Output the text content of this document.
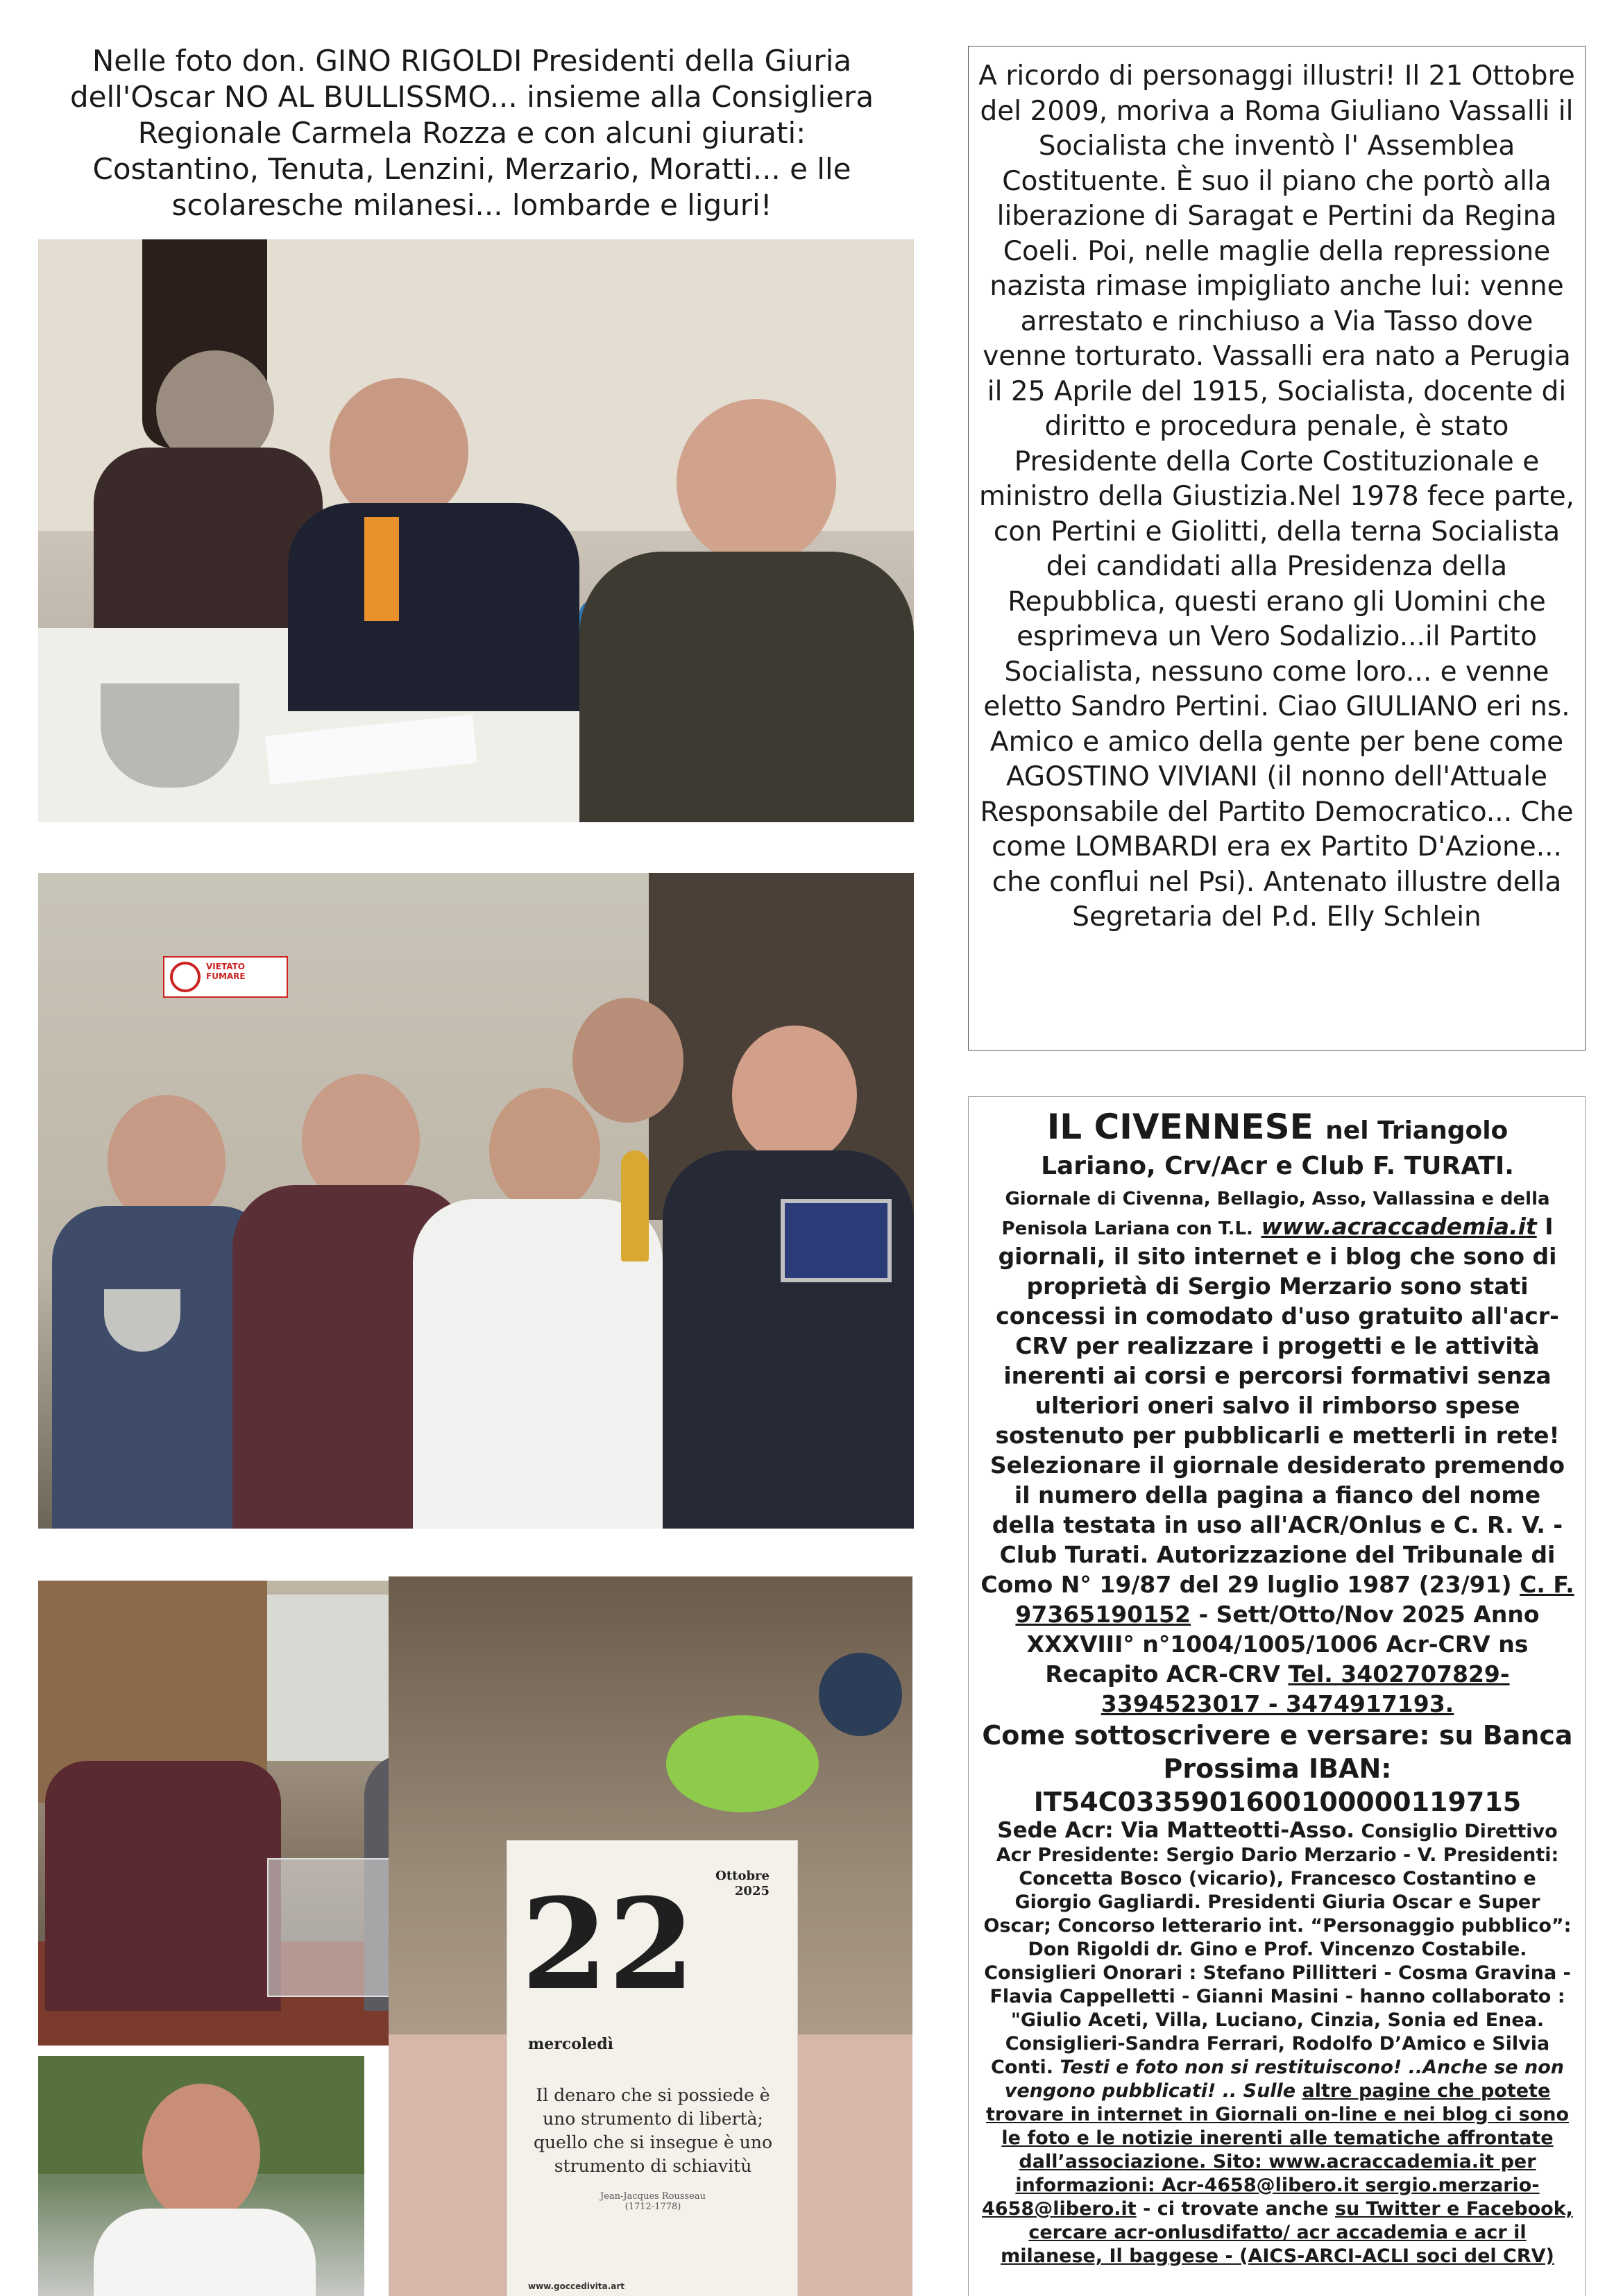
Nelle foto don. GINO RIGOLDI Presidenti della Giuria dell'Oscar NO AL BULLISSMO... insieme alla Consigliera Regionale Carmela Rozza e con alcuni giurati: Costantino, Tenuta, Lenzini, Merzario, Moratti... e lle scolaresche milanesi... lombarde e liguri!
VIETATO FUMARE
Ottobre
2025
22
mercoledì
Il denaro che si possiede è uno strumento di libertà; quello che si insegue è uno strumento di schiavitù
Jean-Jacques Rousseau
(1712-1778)
www.goccedivita.art
A ricordo di personaggi illustri! Il 21 Ottobre del 2009, moriva a Roma Giuliano Vassalli il Socialista che inventò l' Assemblea Costituente. È suo il piano che portò alla liberazione di Saragat e Pertini da Regina Coeli. Poi, nelle maglie della repressione nazista rimase impigliato anche lui: venne arrestato e rinchiuso a Via Tasso dove venne torturato. Vassalli era nato a Perugia il 25 Aprile del 1915, Socialista, docente di diritto e procedura penale, è stato Presidente della Corte Costituzionale e ministro della Giustizia.Nel 1978 fece parte, con Pertini e Giolitti, della terna Socialista dei candidati alla Presidenza della Repubblica, questi erano gli Uomini che esprimeva un Vero Sodalizio...il Partito Socialista, nessuno come loro... e venne eletto Sandro Pertini. Ciao GIULIANO eri ns. Amico e amico della gente per bene come AGOSTINO VIVIANI (il nonno dell'Attuale Responsabile del Partito Democratico... Che come LOMBARDI era ex Partito D'Azione... che conflui nel Psi). Antenato illustre della Segretaria del P.d. Elly Schlein
IL CIVENNESE nel Triangolo
Lariano, Crv/Acr e Club F. TURATI.
Giornale di Civenna, Bellagio, Asso, Vallassina e della Penisola Lariana con T.L. www.acraccademia.it I giornali, il sito internet e i blog che sono di proprietà di Sergio Merzario sono stati concessi in comodato d'uso gratuito all'acr-CRV per realizzare i progetti e le attività inerenti ai corsi e percorsi formativi senza ulteriori oneri salvo il rimborso spese sostenuto per pubblicarli e metterli in rete! Selezionare il giornale desiderato premendo il numero della pagina a fianco del nome della testata in uso all'ACR/Onlus e C. R. V. - Club Turati. Autorizzazione del Tribunale di Como N° 19/87 del 29 luglio 1987 (23/91) C. F. 97365190152 - Sett/Otto/Nov 2025 Anno XXXVIII° n°1004/1005/1006 Acr-CRV ns Recapito ACR-CRV Tel. 3402707829-3394523017 - 3474917193.
Come sottoscrivere e versare: su Banca Prossima IBAN:
IT54C0335901600100000119715
Sede Acr: Via Matteotti-Asso. Consiglio Direttivo Acr Presidente: Sergio Dario Merzario - V. Presidenti: Concetta Bosco (vicario), Francesco Costantino e Giorgio Gagliardi. Presidenti Giuria Oscar e Super Oscar; Concorso letterario int. “Personaggio pubblico”: Don Rigoldi dr. Gino e Prof. Vincenzo Costabile. Consiglieri Onorari : Stefano Pillitteri - Cosma Gravina - Flavia Cappelletti - Gianni Masini - hanno collaborato : "Giulio Aceti, Villa, Luciano, Cinzia, Sonia ed Enea. Consiglieri-Sandra Ferrari, Rodolfo D’Amico e Silvia Conti. Testi e foto non si restituiscono! ..Anche se non vengono pubblicati! .. Sulle altre pagine che potete trovare in internet in Giornali on-line e nei blog ci sono le foto e le notizie inerenti alle tematiche affrontate dall’associazione. Sito: www.acraccademia.it per informazioni: Acr-4658@libero.it sergio.merzario-4658@libero.it - ci trovate anche su Twitter e Facebook, cercare acr-onlusdifatto/ acr accademia e acr il milanese, Il baggese - (AICS-ARCI-ACLI soci del CRV)
